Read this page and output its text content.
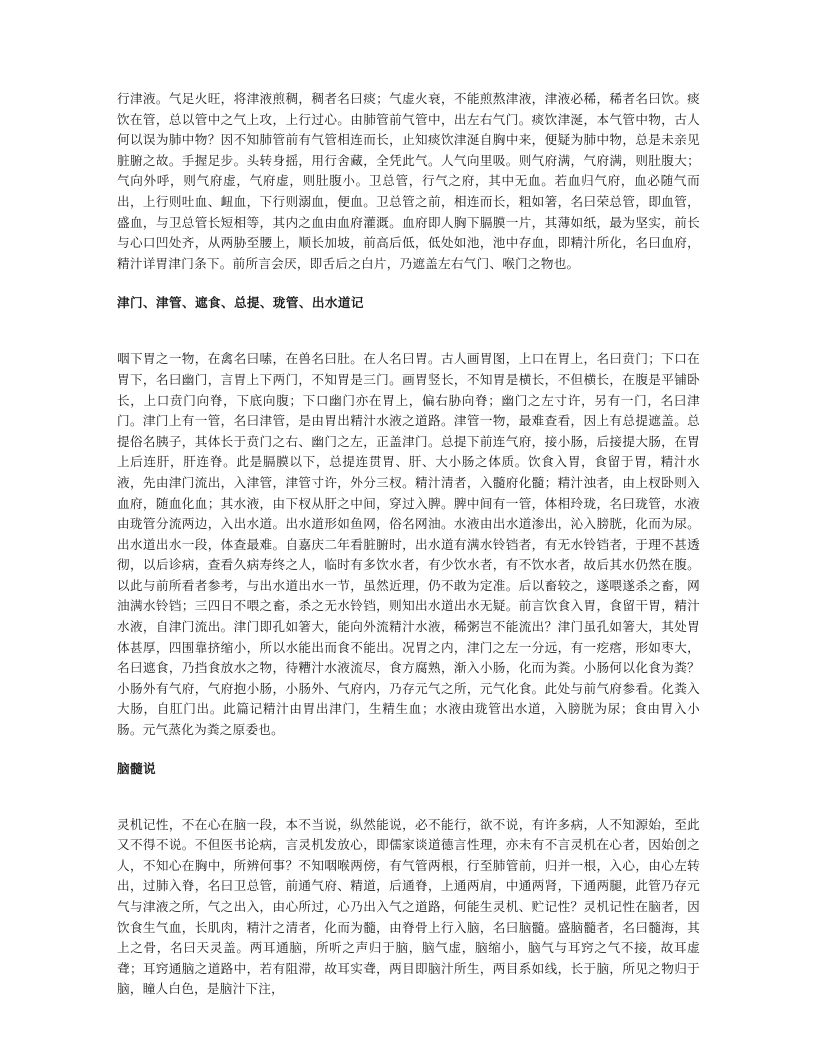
行津液。气足火旺，将津液煎稠，稠者名曰痰；气虚火衰，不能煎熬津液，津液必稀，稀者名曰饮。痰饮在管，总以管中之气上攻，上行过心。由肺管前气管中，出左右气门。痰饮津涎，本气管中物，古人何以误为肺中物？因不知肺管前有气管相连而长，止知痰饮津涎自胸中来，便疑为肺中物，总是未亲见脏腑之故。手握足步。头转身摇，用行舍藏，全凭此气。人气向里吸。则气府满，气府满，则肚腹大；气向外呼，则气府虚，气府虚，则肚腹小。卫总管，行气之府，其中无血。若血归气府，血必随气而出，上行则吐血、衄血，下行则溺血，便血。卫总管之前，相连而长，粗如箸，名曰荣总管，即血管，盛血，与卫总管长短相等，其内之血由血府灌溉。血府即人胸下膈膜一片，其薄如纸，最为坚实，前长与心口凹处齐，从两胁至腰上，顺长加坡，前高后低，低处如池，池中存血，即精汁所化，名曰血府，精汁详胃津门条下。前所言会厌，即舌后之白片，乃遮盖左右气门、喉门之物也。

津门、津管、遮食、总提、珑管、出水道记

咽下胃之一物，在禽名曰嗉，在兽名曰肚。在人名曰胃。古人画胃图，上口在胃上，名曰贲门；下口在胃下，名曰幽门，言胃上下两门，不知胃是三门。画胃竖长，不知胃是横长，不但横长，在腹是平铺卧长，上口贲门向脊，下底向腹；下口幽门亦在胃上，偏右胁向脊；幽门之左寸许，另有一门，名曰津门。津门上有一管，名曰津管，是由胃出精汁水液之道路。津管一物，最难查看，因上有总提遮盖。总提俗名胰子，其体长于贲门之右、幽门之左，正盖津门。总提下前连气府，接小肠，后接提大肠，在胃上后连肝，肝连脊。此是膈膜以下，总提连贯胃、肝、大小肠之体质。饮食入胃，食留于胃，精汁水液，先由津门流出，入津管，津管寸许，外分三杈。精汁清者，入髓府化髓；精汁浊者，由上杈卧则入血府，随血化血；其水液，由下杈从肝之中间，穿过入脾。脾中间有一管，体相玲珑，名曰珑管，水液由珑管分流两边，入出水道。出水道形如鱼网，俗名网油。水液由出水道渗出，沁入膀胱，化而为尿。出水道出水一段，体查最难。自嘉庆二年看脏腑时，出水道有满水铃铛者，有无水铃铛者，于理不甚透彻，以后诊病，查看久病寿终之人，临时有多饮水者，有少饮水者，有不饮水者，故后其水仍然在腹。以此与前所看者参考，与出水道出水一节，虽然近理，仍不敢为定准。后以畜较之，遂喂遂杀之畜，网油满水铃铛；三四日不喂之畜，杀之无水铃铛，则知出水道出水无疑。前言饮食入胃，食留干胃，精汁水液，自津门流出。津门即孔如箸大，能向外流精汁水液，稀粥岂不能流出？津门虽孔如箸大，其处胃体甚厚，四围靠挤缩小，所以水能出而食不能出。况胃之内，津门之左一分远，有一疙瘩，形如枣大，名曰遮食，乃挡食放水之物，待糟汁水液流尽，食方腐熟，渐入小肠，化而为粪。小肠何以化食为粪？小肠外有气府，气府抱小肠，小肠外、气府内，乃存元气之所，元气化食。此处与前气府参看。化粪入大肠，自肛门出。此篇记精汁由胃出津门，生精生血；水液由珑管出水道，入膀胱为尿；食由胃入小肠。元气蒸化为粪之原委也。

脑髓说

灵机记性，不在心在脑一段，本不当说，纵然能说，必不能行，欲不说，有许多病，人不知源始，至此又不得不说。不但医书论病，言灵机发放心，即儒家谈道德言性理，亦未有不言灵机在心者，因始创之人，不知心在胸中，所辨何事？不知咽喉两傍，有气管两根，行至肺管前，归并一根，入心，由心左转出，过肺入脊，名曰卫总管，前通气府、精道，后通脊，上通两肩，中通两肾，下通两腿，此管乃存元气与津液之所，气之出入，由心所过，心乃出入气之道路，何能生灵机、贮记性？灵机记性在脑者，因饮食生气血，长肌肉，精汁之清者，化而为髓，由脊骨上行入脑，名曰脑髓。盛脑髓者，名曰髓海，其上之骨，名曰天灵盖。两耳通脑，所听之声归于脑，脑气虚，脑缩小，脑气与耳窍之气不接，故耳虚聋；耳窍通脑之道路中，若有阻滞，故耳实聋，两目即脑汁所生，两目系如线，长于脑，所见之物归于脑，瞳人白色，是脑汁下注，
